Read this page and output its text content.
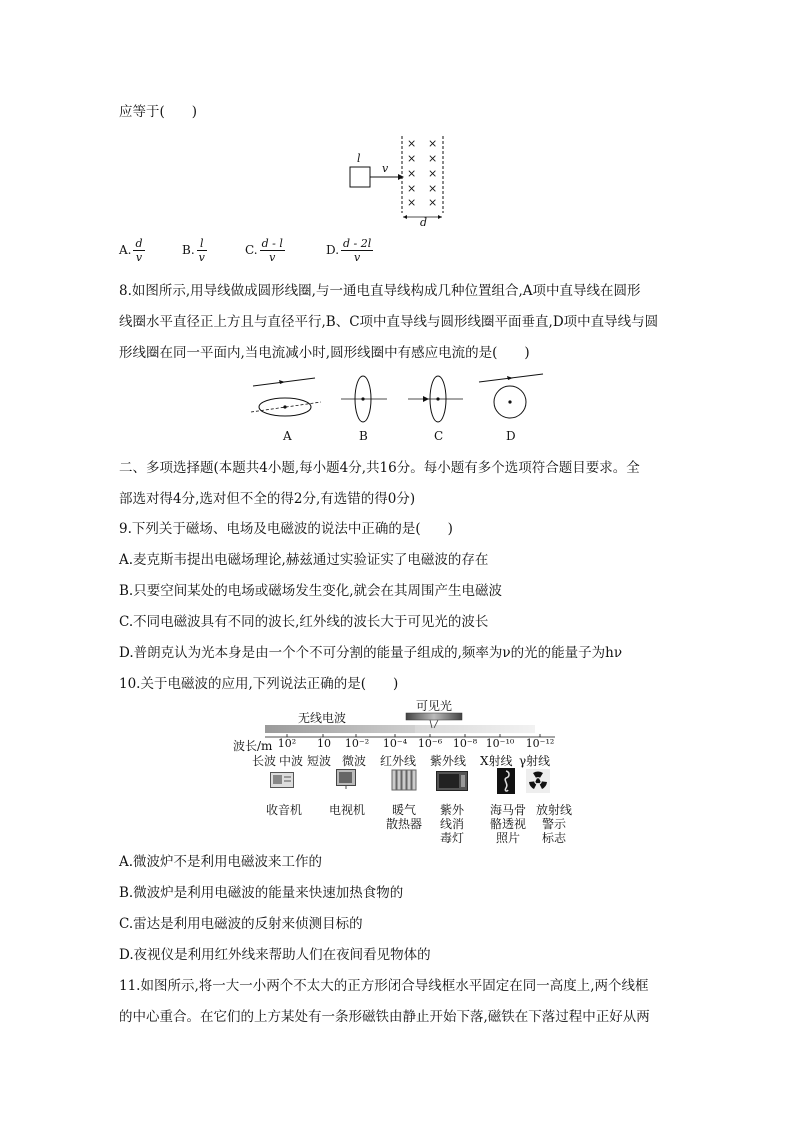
应等于(　　)
l
v
× ×
× ×
× ×
× ×
× ×
d
A. $\frac{d}{v}$	B. $\frac{l}{v}$	C. $\frac{d - l}{v}$	D. $\frac{d - 2l}{v}$
8.如图所示,用导线做成圆形线圈,与一通电直导线构成几种位置组合,A项中直导线在圆形
线圈水平直径正上方且与直径平行,B、C项中直导线与圆形线圈平面垂直,D项中直导线与圆
形线圈在同一平面内,当电流减小时,圆形线圈中有感应电流的是(　　)
A	B	C	D
二、多项选择题(本题共4小题,每小题4分,共16分。每小题有多个选项符合题目要求。全
部选对得4分,选对但不全的得2分,有选错的得0分)
9.下列关于磁场、电场及电磁波的说法中正确的是(　　)
A.麦克斯韦提出电磁场理论,赫兹通过实验证实了电磁波的存在
B.只要空间某处的电场或磁场发生变化,就会在其周围产生电磁波
C.不同电磁波具有不同的波长,红外线的波长大于可见光的波长
D.普朗克认为光本身是由一个个不可分割的能量子组成的,频率为ν的光的能量子为hν
10.关于电磁波的应用,下列说法正确的是(　　)
可见光
无线电波
波长/m 10² 10 10⁻² 10⁻⁴ 10⁻⁶ 10⁻⁸ 10⁻¹⁰ 10⁻¹²
长波 中波 短波 微波 红外线 紫外线 X射线 γ射线
收音机	电视机	暖气
散热器
紫外
线消
毒灯
海马骨
骼透视
照片
放射线
警示
标志
A.微波炉不是利用电磁波来工作的
B.微波炉是利用电磁波的能量来快速加热食物的
C.雷达是利用电磁波的反射来侦测目标的
D.夜视仪是利用红外线来帮助人们在夜间看见物体的
11.如图所示,将一大一小两个不太大的正方形闭合导线框水平固定在同一高度上,两个线框
的中心重合。在它们的上方某处有一条形磁铁由静止开始下落,磁铁在下落过程中正好从两
